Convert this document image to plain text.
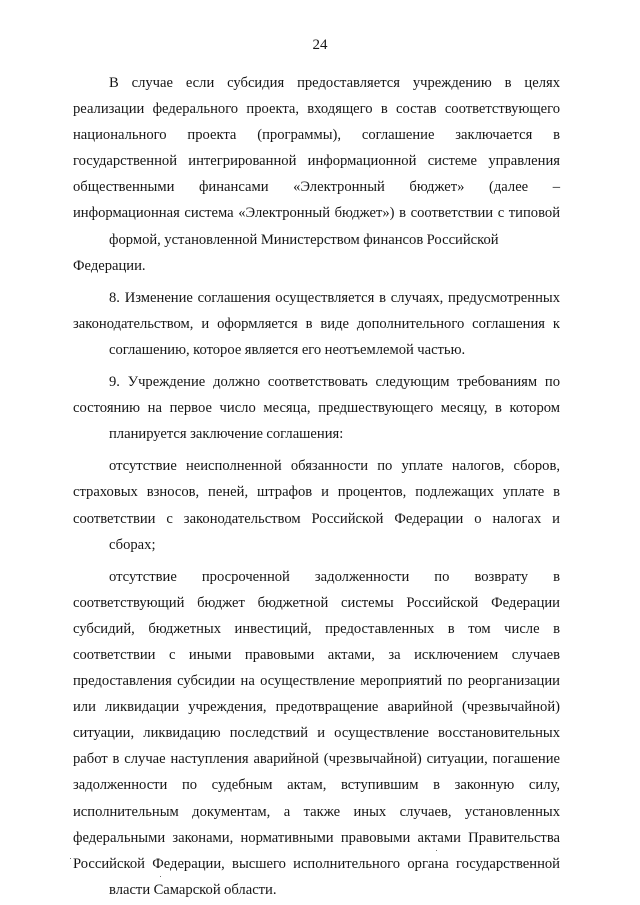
24

В случае если субсидия предоставляется учреждению в целях реализации федерального проекта, входящего в состав соответствующего национального проекта (программы), соглашение заключается в государственной интегрированной информационной системе управления общественными финансами «Электронный бюджет» (далее – информационная система «Электронный бюджет») в соответствии с типовой
формой, установленной Министерством финансов Российской Федерации.

8. Изменение соглашения осуществляется в случаях, предусмотренных законодательством, и оформляется в виде дополнительного соглашения к
соглашению, которое является его неотъемлемой частью.

9. Учреждение должно соответствовать следующим требованиям по состоянию на первое число месяца, предшествующего месяцу, в котором
планируется заключение соглашения:

отсутствие неисполненной обязанности по уплате налогов, сборов, страховых взносов, пеней, штрафов и процентов, подлежащих уплате в соответствии с законодательством Российской Федерации о налогах и
сборах;

отсутствие просроченной задолженности по возврату в соответствующий бюджет бюджетной системы Российской Федерации субсидий, бюджетных инвестиций, предоставленных в том числе в соответствии с иными правовыми актами, за исключением случаев предоставления субсидии на осуществление мероприятий по реорганизации или ликвидации учреждения, предотвращение аварийной (чрезвычайной) ситуации, ликвидацию последствий и осуществление восстановительных работ в случае наступления аварийной (чрезвычайной) ситуации, погашение задолженности по судебным актам, вступившим в законную силу, исполнительным документам, а также иных случаев, установленных федеральными законами, нормативными правовыми актами Правительства Российской Федерации, высшего исполнительного органа государственной
власти Самарской области.
